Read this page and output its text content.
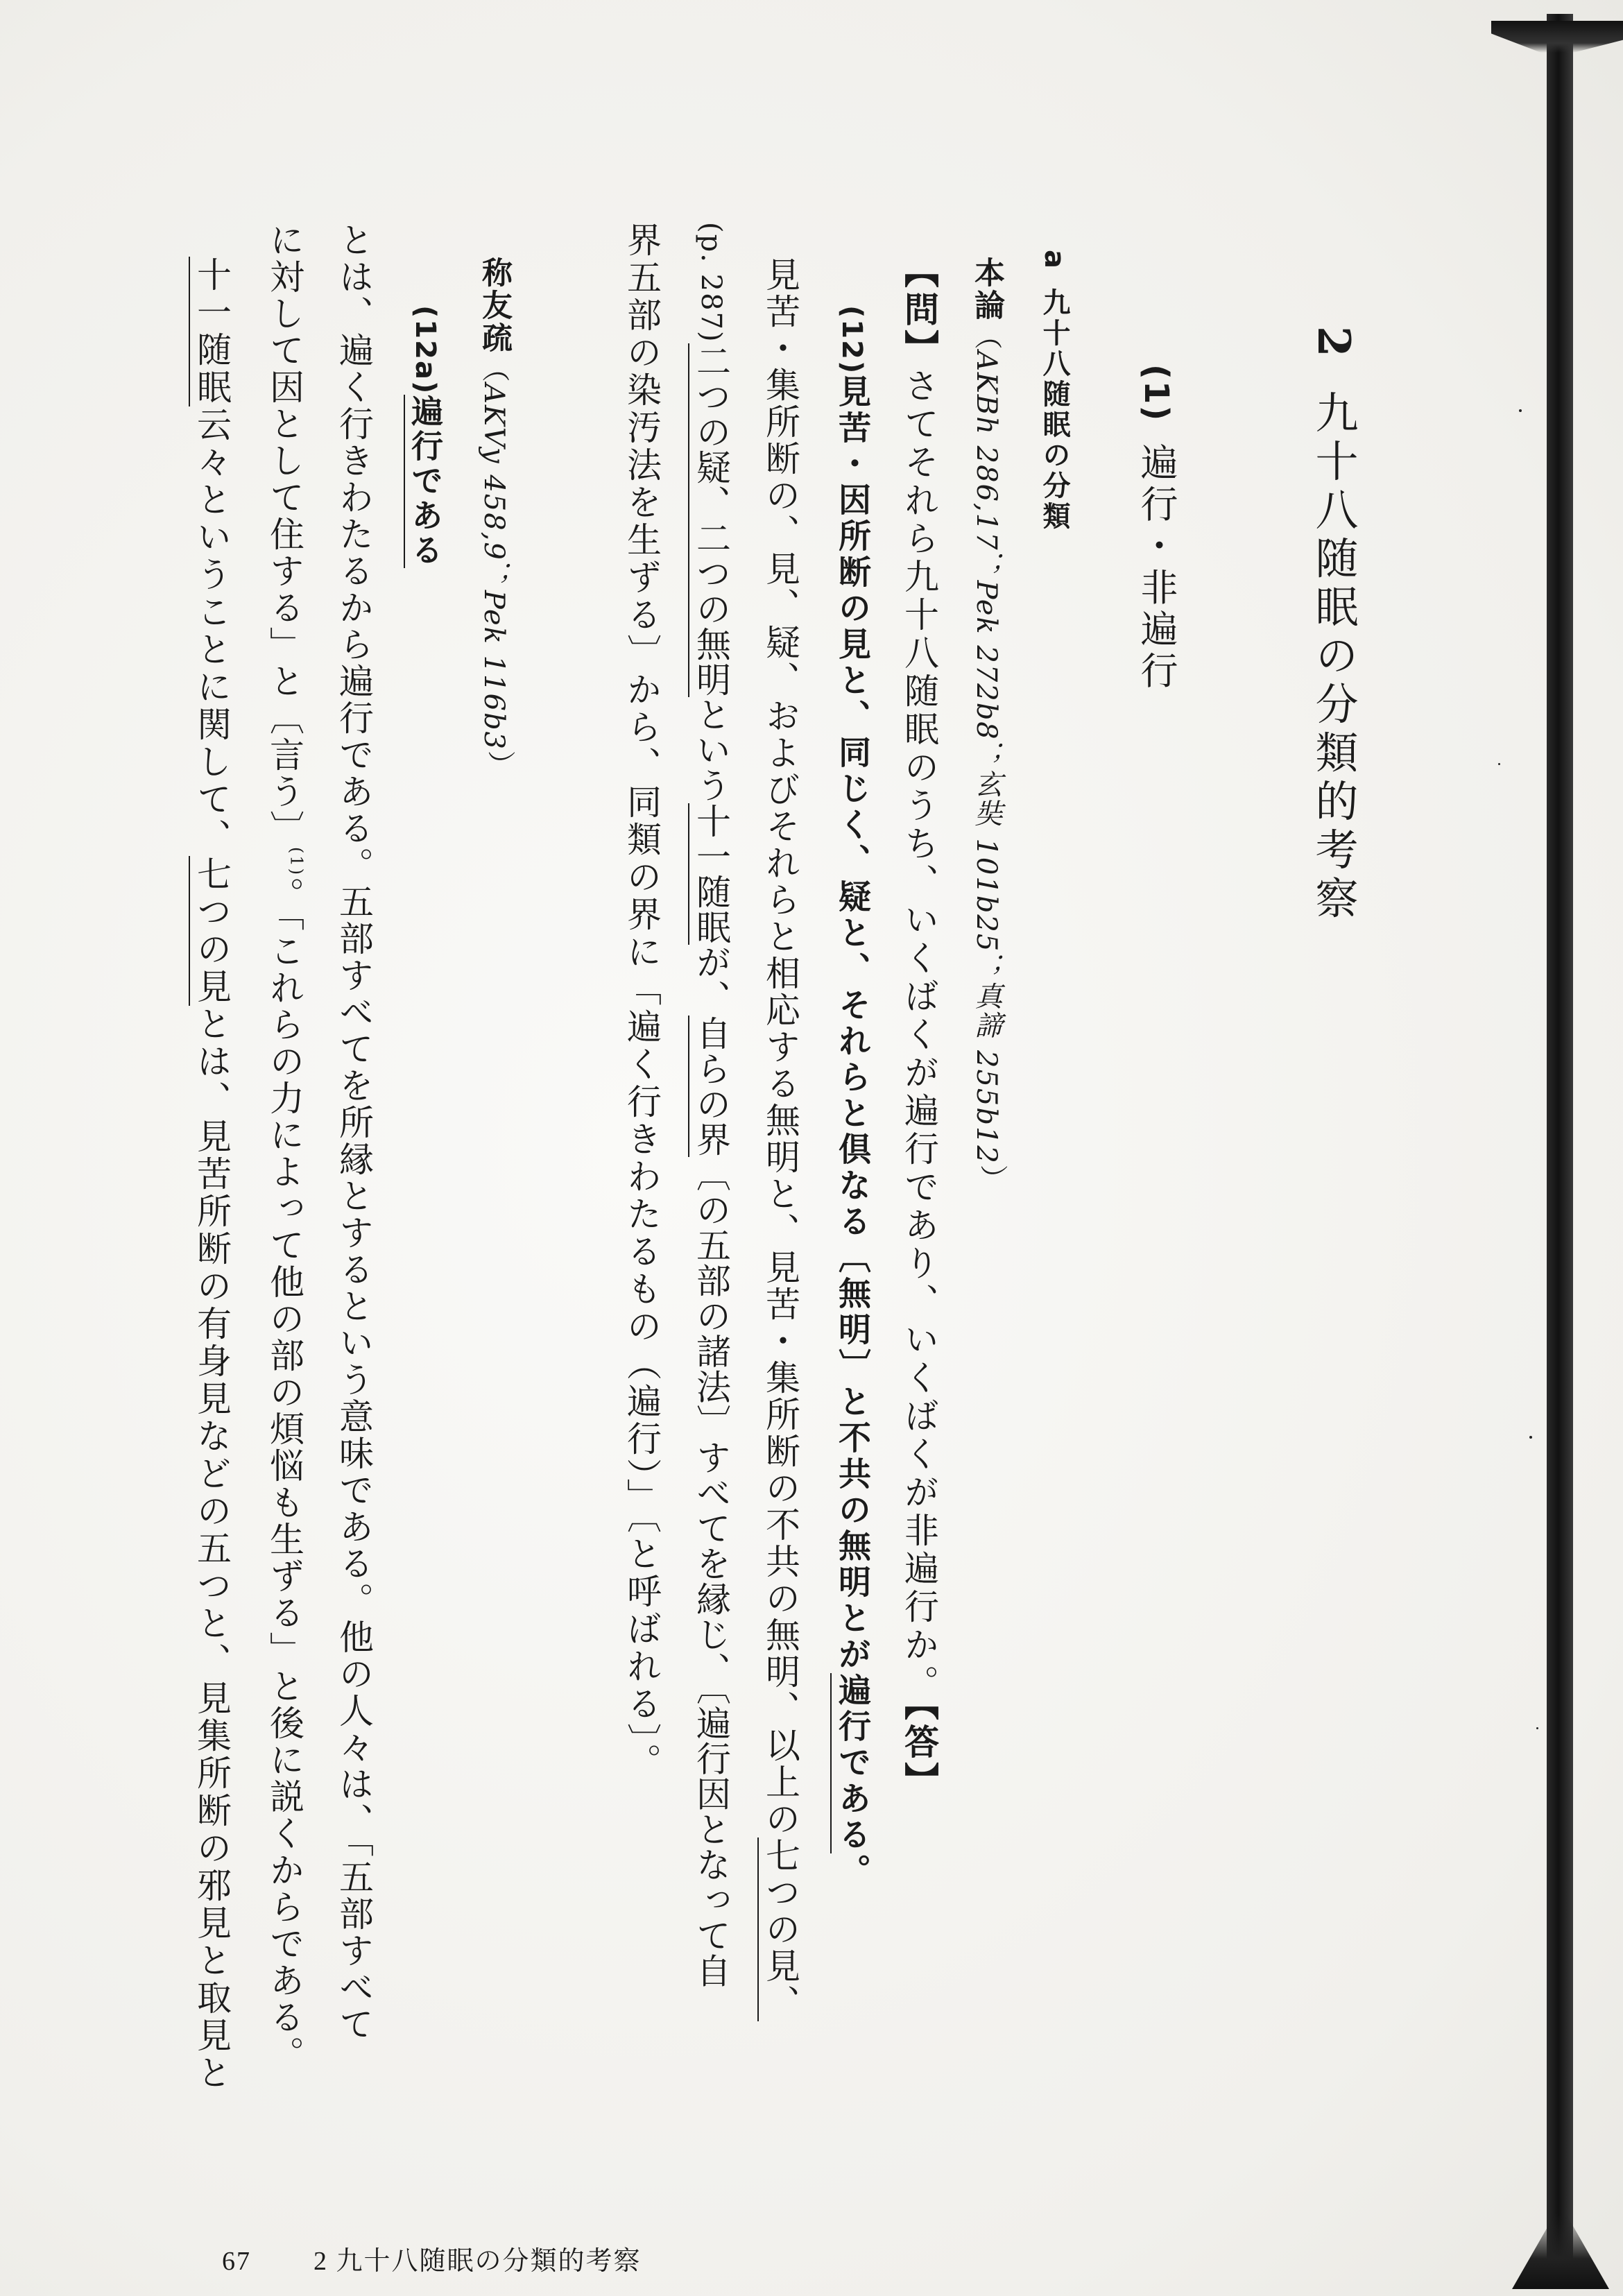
2九十八随眠の分類的考察
(1)遍行・非遍行
a九十八随眠の分類
本論（AKBh 286,17；Pek 272b8；玄奘 101b25；真諦 255b12）
【問】さてそれら九十八随眠のうち、いくばくが遍行であり、いくばくが非遍行か。【答】
(12)見苦・因所断の見と、同じく、疑と、それらと倶なる〔無明〕と不共の無明とが遍行である。
見苦・集所断の、見、疑、およびそれらと相応する無明と、見苦・集所断の不共の無明、以上の七つの見、
(p. 287)二つの疑、二つの無明という十一随眠が、自らの界〔の五部の諸法〕すべてを縁じ、〔遍行因となって自
界五部の染汚法を生ずる〕から、同類の界に「遍く行きわたるもの（遍行）」〔と呼ばれる〕。
称友疏（AKVy 458,9；Pek 116b3）
(12a)遍行である
とは、遍く行きわたるから遍行である。五部すべてを所縁とするという意味である。他の人々は、「五部すべて
に対して因として住する」と〔言う〕$^{(1)}$。「これらの力によって他の部の煩悩も生ずる」と後に説くからである。
十一随眠云々ということに関して、七つの見とは、見苦所断の有身見などの五つと、見集所断の邪見と取見と
67 2 九十八随眠の分類的考察
